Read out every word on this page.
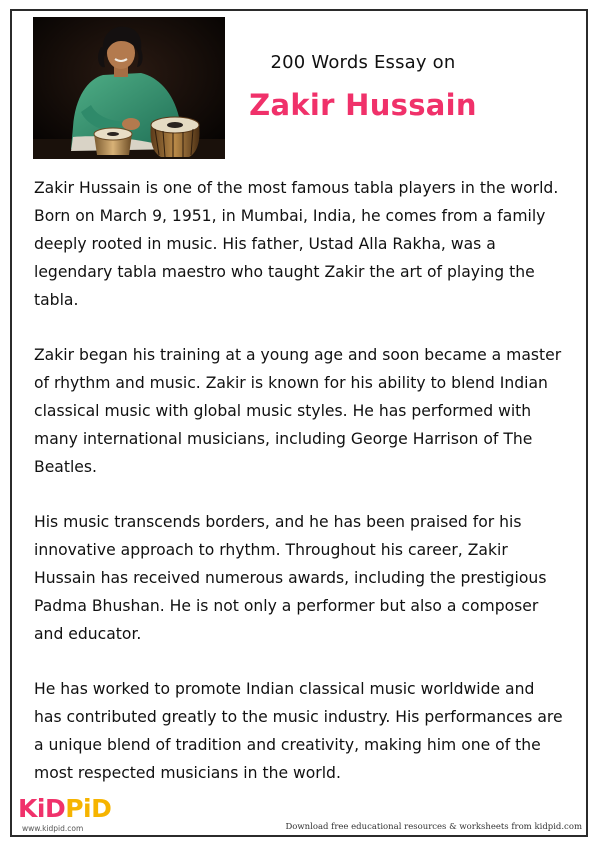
200 Words Essay on
Zakir Hussain

Zakir Hussain is one of the most famous tabla players in the world. Born on March 9, 1951, in Mumbai, India, he comes from a family deeply rooted in music. His father, Ustad Alla Rakha, was a legendary tabla maestro who taught Zakir the art of playing the tabla.

Zakir began his training at a young age and soon became a master of rhythm and music. Zakir is known for his ability to blend Indian classical music with global music styles. He has performed with many international musicians, including George Harrison of The Beatles.

His music transcends borders, and he has been praised for his innovative approach to rhythm. Throughout his career, Zakir Hussain has received numerous awards, including the prestigious Padma Bhushan. He is not only a performer but also a composer and educator.

He has worked to promote Indian classical music worldwide and has contributed greatly to the music industry. His performances are a unique blend of tradition and creativity, making him one of the most respected musicians in the world.

KiDPiD
www.kidpid.com	Download free educational resources & worksheets from kidpid.com
